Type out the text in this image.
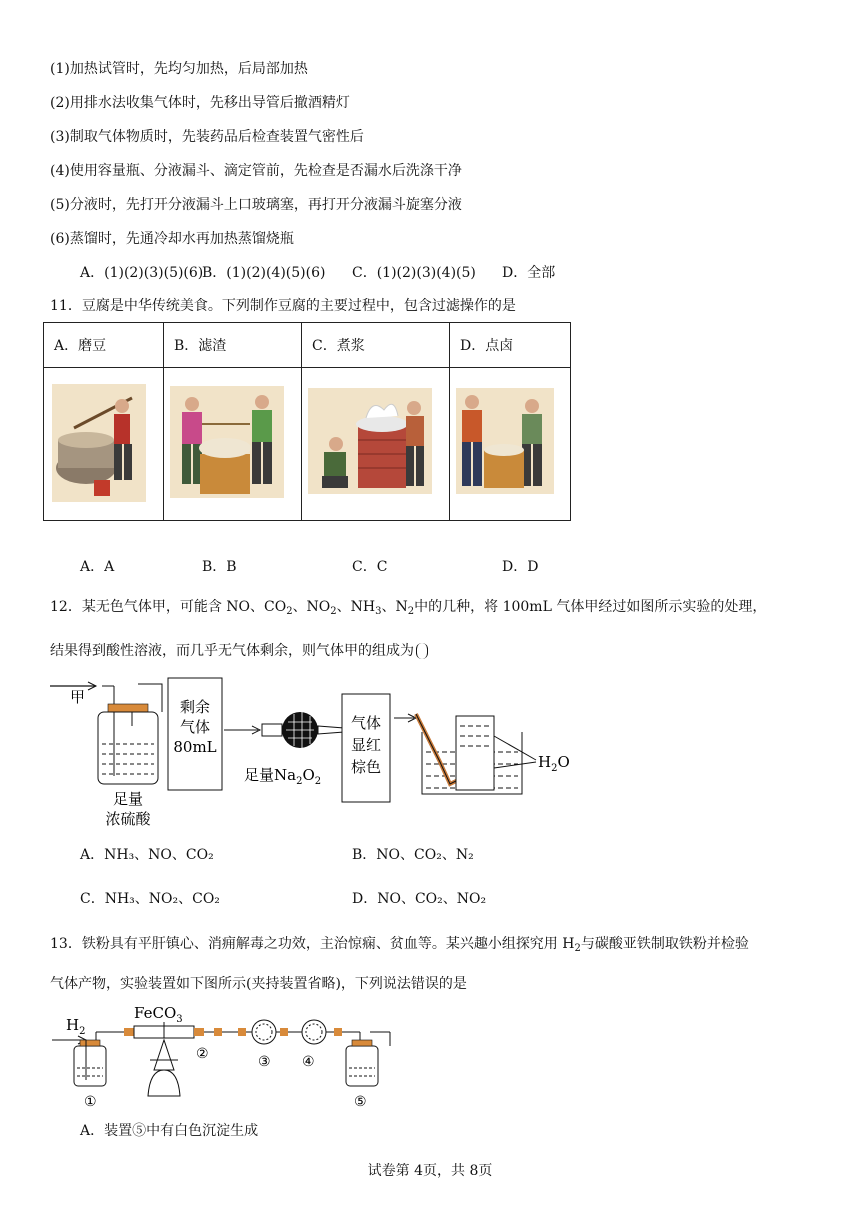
(1)加热试管时，先均匀加热，后局部加热
(2)用排水法收集气体时，先移出导管后撤酒精灯
(3)制取气体物质时，先装药品后检查装置气密性后
(4)使用容量瓶、分液漏斗、滴定管前，先检查是否漏水后洗涤干净
(5)分液时，先打开分液漏斗上口玻璃塞，再打开分液漏斗旋塞分液
(6)蒸馏时，先通冷却水再加热蒸馏烧瓶
A．(1)(2)(3)(5)(6)
B．(1)(2)(4)(5)(6) C．(1)(2)(3)(4)(5) D．全部
11．豆腐是中华传统美食。下列制作豆腐的主要过程中，包含过滤操作的是
A．磨豆	B．滤渣	C．煮浆	D．点卤

A．A	B．B	C．C	D．D
12．某无色气体甲，可能含 NO、$CO_2$、$NO_2$、$NH_3$、$N_2$中的几种，将 100mL 气体甲经过如图所示实验的处理，
结果得到酸性溶液，而几乎无气体剩余，则气体甲的组成为
甲
足量
浓硫酸
剩余
气体
80mL
足量$Na_2O_2$
气体
显红
棕色	$H_2O$
A．NH₃、NO、CO₂	B．NO、CO₂、N₂
C．NH₃、NO₂、CO₂	D．NO、CO₂、NO₂
13．铁粉具有平肝镇心、消痈解毒之功效，主治惊痫、贫血等。某兴趣小组探究用 $H_2$与碳酸亚铁制取铁粉并检验
气体产物，实验装置如下图所示(夹持装置省略)，下列说法错误的是
$H_2$
FeCO$_3$
②	③ ④
①	⑤
A．装置⑤中有白色沉淀生成
试卷第 4页，共 8页
